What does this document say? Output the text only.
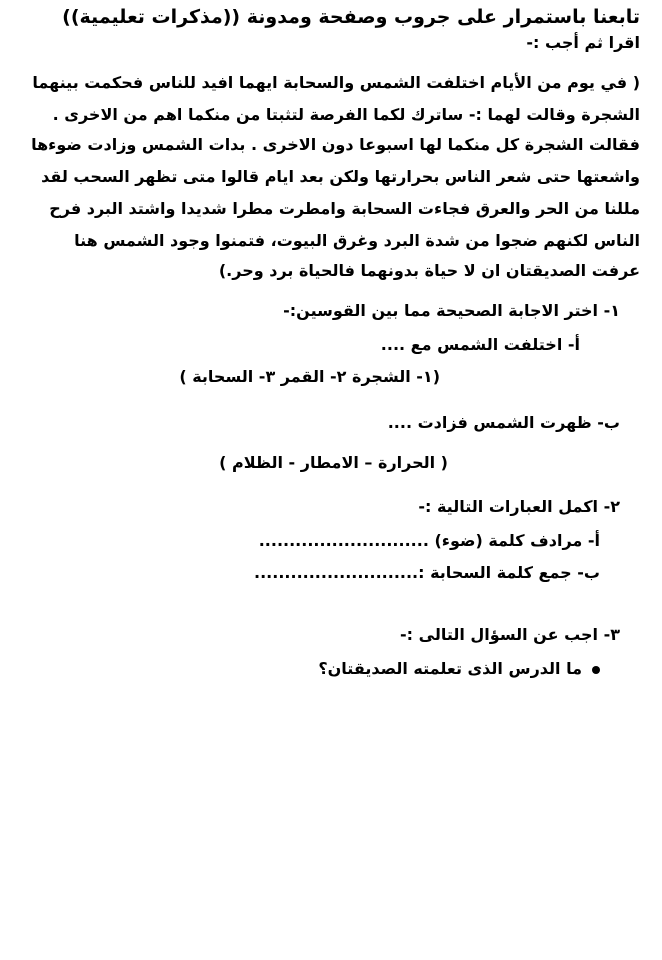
تابعنا باستمرار على جروب وصفحة ومدونة ((مذكرات تعليمية))
اقرا ثم أجب :-
( في يوم من الأيام اختلفت الشمس والسحابة ايهما افيد للناس فحكمت بينهما
الشجرة وقالت لهما :- ساترك لكما الفرصة لتثبتا من منكما اهم من الاخرى .
فقالت الشجرة كل منكما لها اسبوعا دون الاخرى . بدات الشمس وزادت ضوءها
واشعتها حتى شعر الناس بحرارتها ولكن بعد ايام قالوا متى تظهر السحب لقد
مللنا من الحر والعرق فجاءت السحابة وامطرت مطرا شديدا واشتد البرد فرح
الناس لكنهم ضجوا من شدة البرد وغرق البيوت، فتمنوا وجود الشمس هنا
عرفت الصديقتان ان لا حياة بدونهما فالحياة برد وحر.)
١- اختر الاجابة الصحيحة مما بين القوسين:-
أ- اختلفت الشمس مع ....
(١- الشجرة ٢- القمر ٣- السحابة )
ب- ظهرت الشمس فزادت ....
( الحرارة – الامطار - الظلام )
٢- اكمل العبارات التالية :-
أ- مرادف كلمة (ضوء) ............................
ب- جمع كلمة السحابة :...........................
٣- اجب عن السؤال التالى :-
ما الدرس الذى تعلمته الصديقتان؟
